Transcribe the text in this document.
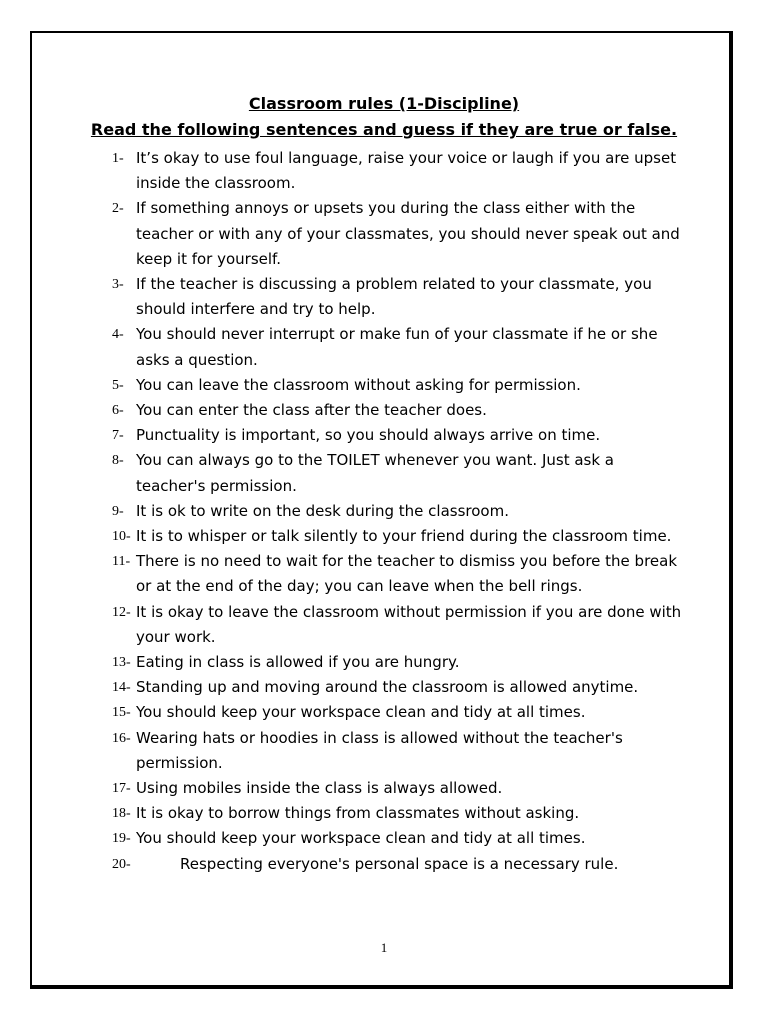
Classroom rules (1-Discipline)
Read the following sentences and guess if they are true or false.
1- It’s okay to use foul language, raise your voice or laugh if you are upset inside the classroom.
2- If something annoys or upsets you during the class either with the teacher or with any of your classmates, you should never speak out and keep it for yourself.
3- If the teacher is discussing a problem related to your classmate, you should interfere and try to help.
4- You should never interrupt or make fun of your classmate if he or she asks a question.
5- You can leave the classroom without asking for permission.
6- You can enter the class after the teacher does.
7- Punctuality is important, so you should always arrive on time.
8- You can always go to the TOILET whenever you want. Just ask a teacher's permission.
9- It is ok to write on the desk during the classroom.
10- It is to whisper or talk silently to your friend during the classroom time.
11- There is no need to wait for the teacher to dismiss you before the break or at the end of the day; you can leave when the bell rings.
12- It is okay to leave the classroom without permission if you are done with your work.
13- Eating in class is allowed if you are hungry.
14- Standing up and moving around the classroom is allowed anytime.
15- You should keep your workspace clean and tidy at all times.
16- Wearing hats or hoodies in class is allowed without the teacher's permission.
17- Using mobiles inside the class is always allowed.
18- It is okay to borrow things from classmates without asking.
19- You should keep your workspace clean and tidy at all times.
20-	Respecting everyone's personal space is a necessary rule.
1
